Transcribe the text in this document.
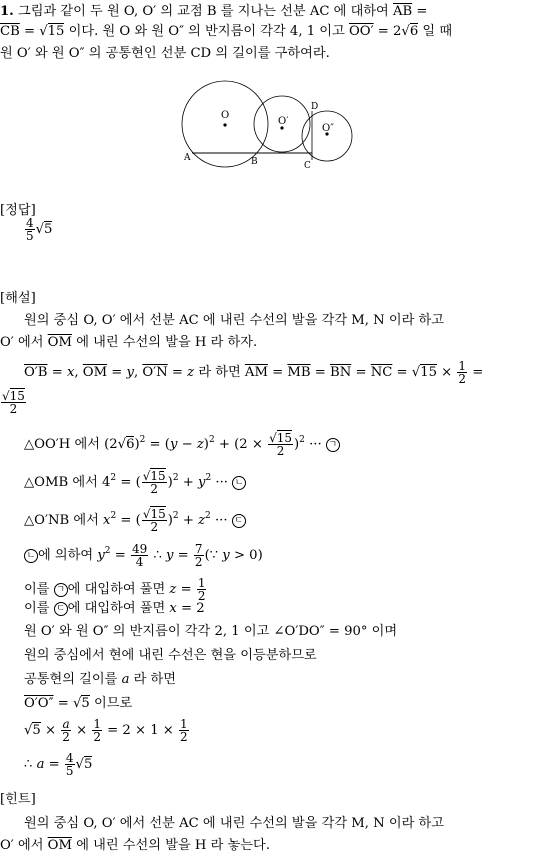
1. 그림과 같이 두 원 O, O′ 의 교점 B 를 지나는 선분 AC 에 대하여 $\overline{AB}$ =
$\overline{CB} = √15$ 이다. 원 O 와 원 O″ 의 반지름이 각각 4, 1 이고 OO′ = 2√6 일 때
원 O′ 와 원 O″ 의 공통현인 선분 CD 의 길이를 구하여라.
O
O′
O″
A	B	C
D
[정답]
$\frac{4}{5} √5$
[해설]
원의 중심 O, O′ 에서 선분 AC 에 내린 수선의 발을 각각 M, N 이라 하고
O′ 에서 $\overline{OM}$ 에 내린 수선의 발을 H 라 하자.
O′B = x, $\overline{OM} = y$, O′N = z 라 하면 $\overline{AM} = \overline{MB} = \overline{BN} = \overline{NC} = √15 \times \frac{1}{2}$ =
$\frac{√15}{2}$
△OO′H 에서 $(2√6)^2 = (y - z)^2 + (2 \times \frac{√15}{2} )^2$ ··· ㄱ
△OMB 에서 $4^2$ = ( $\frac{√15}{2} )^2 + y^2$ ··· ㄴ
△O′NB 에서 $x^2$ = ( $\frac{√15}{2} )^2 + z^2$ ··· ㄷ
ㄴ 에 의하여 $y^2 = \frac{49}{4}$ ∴ $y = \frac{7}{2}$ (∵ y > 0)
이를 ㄱ 에 대입하여 풀면 $z = \frac{1}{2}$
이를 ㄷ 에 대입하여 풀면 x = 2
원 O′ 와 원 O″ 의 반지름이 각각 2, 1 이고 ∠O′DO″ = 90° 이며
원의 중심에서 현에 내린 수선은 현을 이등분하므로
공통현의 길이를 a 라 하면
O′O″ = √5 이므로
$√5 \times \frac{a}{2} \times \frac{1}{2} = 2 \times 1 \times \frac{1}{2}$
∴ $a = \frac{4}{5} √5$
[힌트]
원의 중심 O, O′ 에서 선분 AC 에 내린 수선의 발을 각각 M, N 이라 하고
O′ 에서 $\overline{OM}$ 에 내린 수선의 발을 H 라 놓는다.
